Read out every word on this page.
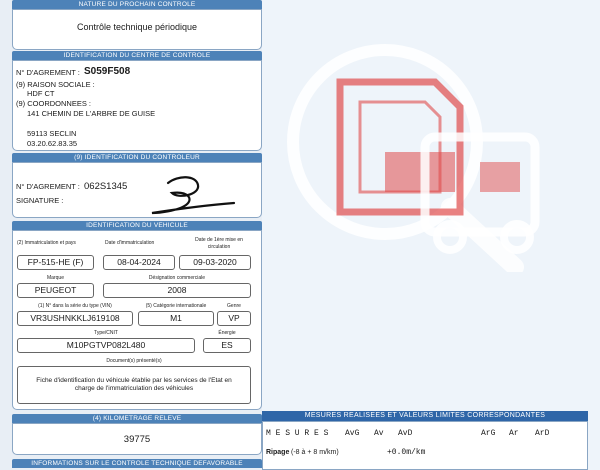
NATURE DU PROCHAIN CONTROLE
Contrôle technique périodique
IDENTIFICATION DU CENTRE DE CONTROLE
N° D'AGREMENT : S059F508
(9) RAISON SOCIALE :
HDF CT
(9) COORDONNEES :
141 CHEMIN DE L'ARBRE DE GUISE
59113 SECLIN
03.20.62.83.35
(9) IDENTIFICATION DU CONTROLEUR
N° D'AGREMENT : 062S1345
SIGNATURE :
IDENTIFICATION DU VEHICULE
(2) Immatriculation et pays	Date d'immatriculation	Date de 1ère mise en
circulation
FP-515-HE (F)	08-04-2024	09-03-2020
Marque	Désignation commerciale
PEUGEOT	2008
(1) N° dans la série du type (VIN)	(5) Catégorie internationale	Genre
VR3USHNKKLJ619108	M1	VP
Type/CNIT	Énergie
M10PGTVP082L480	ES
Document(s) présenté(s)
Fiche d'identification du véhicule établie par les services de l'Etat en
charge de l'immatriculation des véhicules
(4) KILOMETRAGE RELEVE
39775
INFORMATIONS SUR LE CONTROLE TECHNIQUE DEFAVORABLE
MESURES REALISEES ET VALEURS LIMITES CORRESPONDANTES
M E S U R E S AvG Av AvD	ArG Ar ArD
Ripage (-8 à + 8 m/km)	+0.0m/km
